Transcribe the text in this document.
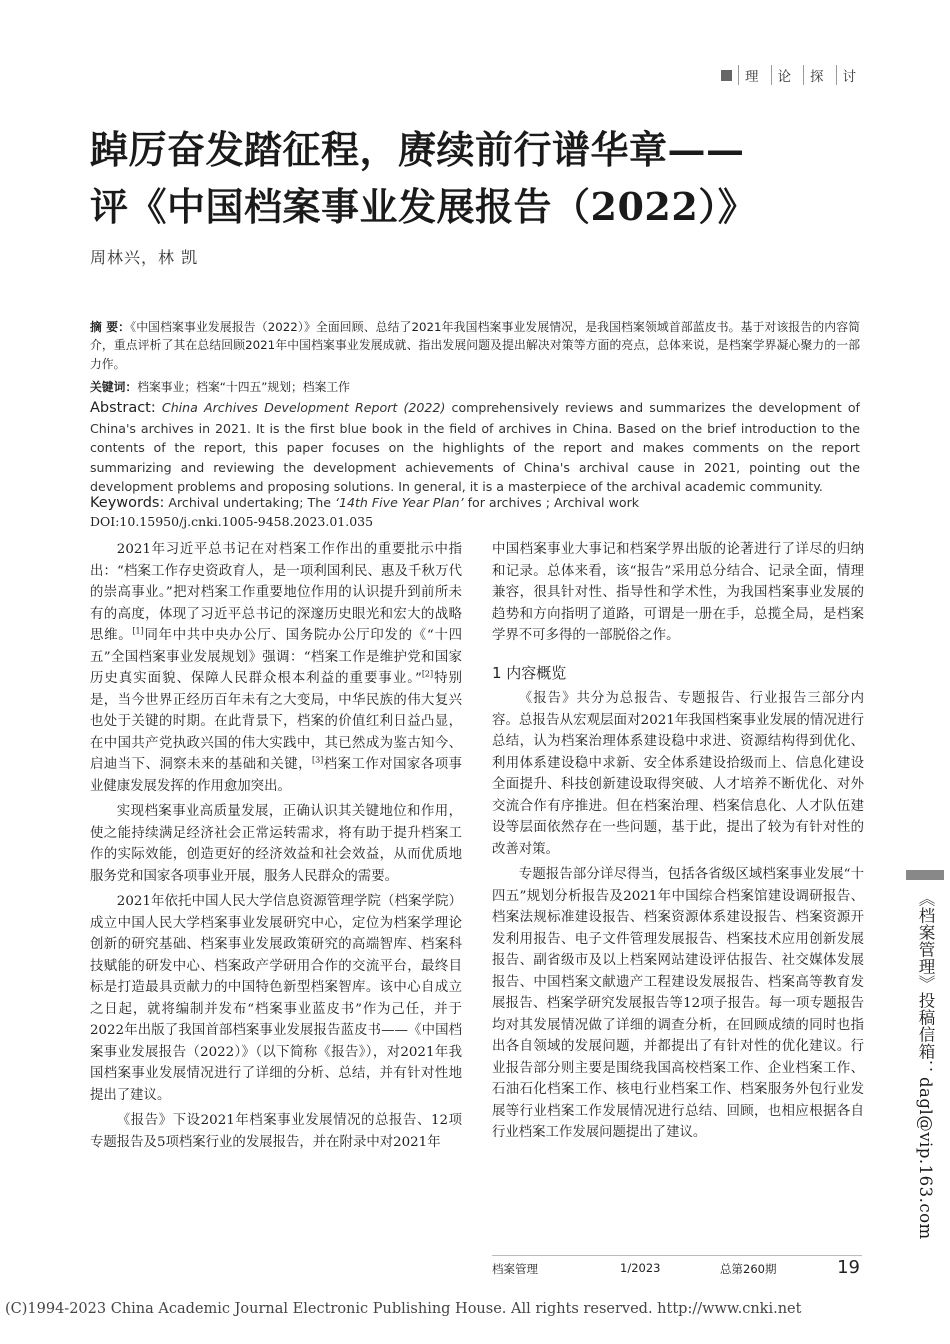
理	论	探	讨
踔厉奋发踏征程，赓续前行谱华章——
评《中国档案事业发展报告（2022）》
周林兴，林 凯
摘 要：《中国档案事业发展报告（2022）》全面回顾、总结了2021年我国档案事业发展情况，是我国档案领域首部蓝皮书。基于对该报告的内容简介，重点评析了其在总结回顾2021年中国档案事业发展成就、指出发展问题及提出解决对策等方面的亮点，总体来说，是档案学界凝心聚力的一部力作。
关键词：档案事业；档案“十四五”规划；档案工作
Abstract: China Archives Development Report (2022) comprehensively reviews and summarizes the development of China's archives in 2021. It is the first blue book in the field of archives in China. Based on the brief introduction to the contents of the report, this paper focuses on the highlights of the report and makes comments on the report summarizing and reviewing the development achievements of China's archival cause in 2021, pointing out the development problems and proposing solutions. In general, it is a masterpiece of the archival academic community.
Keywords: Archival undertaking; The ‘14th Five Year Plan’ for archives ; Archival work
DOI:10.15950/j.cnki.1005-9458.2023.01.035

2021年习近平总书记在对档案工作作出的重要批示中指出：“档案工作存史资政育人，是一项利国利民、惠及千秋万代的崇高事业。”把对档案工作重要地位作用的认识提升到前所未有的高度，体现了习近平总书记的深邃历史眼光和宏大的战略思维。[1]同年中共中央办公厅、国务院办公厅印发的《“十四五”全国档案事业发展规划》强调：“档案工作是维护党和国家历史真实面貌、保障人民群众根本利益的重要事业。”[2]特别是，当今世界正经历百年未有之大变局，中华民族的伟大复兴也处于关键的时期。在此背景下，档案的价值红利日益凸显，在中国共产党执政兴国的伟大实践中，其已然成为鉴古知今、启迪当下、洞察未来的基础和关键，[3]档案工作对国家各项事业健康发展发挥的作用愈加突出。

实现档案事业高质量发展，正确认识其关键地位和作用，使之能持续满足经济社会正常运转需求，将有助于提升档案工作的实际效能，创造更好的经济效益和社会效益，从而优质地服务党和国家各项事业开展，服务人民群众的需要。

2021年依托中国人民大学信息资源管理学院（档案学院）成立中国人民大学档案事业发展研究中心，定位为档案学理论创新的研究基础、档案事业发展政策研究的高端智库、档案科技赋能的研发中心、档案政产学研用合作的交流平台，最终目标是打造最具贡献力的中国特色新型档案智库。该中心自成立之日起，就将编制并发布“档案事业蓝皮书”作为己任，并于2022年出版了我国首部档案事业发展报告蓝皮书——《中国档案事业发展报告（2022）》（以下简称《报告》），对2021年我国档案事业发展情况进行了详细的分析、总结，并有针对性地提出了建议。

《报告》下设2021年档案事业发展情况的总报告、12项专题报告及5项档案行业的发展报告，并在附录中对2021年

中国档案事业大事记和档案学界出版的论著进行了详尽的归纳和记录。总体来看，该“报告”采用总分结合、记录全面，情理兼容，很具针对性、指导性和学术性，为我国档案事业发展的趋势和方向指明了道路，可谓是一册在手，总揽全局，是档案学界不可多得的一部脱俗之作。

1 内容概览

《报告》共分为总报告、专题报告、行业报告三部分内容。总报告从宏观层面对2021年我国档案事业发展的情况进行总结，认为档案治理体系建设稳中求进、资源结构得到优化、利用体系建设稳中求新、安全体系建设拾级而上、信息化建设全面提升、科技创新建设取得突破、人才培养不断优化、对外交流合作有序推进。但在档案治理、档案信息化、人才队伍建设等层面依然存在一些问题，基于此，提出了较为有针对性的改善对策。

专题报告部分详尽得当，包括各省级区域档案事业发展“十四五”规划分析报告及2021年中国综合档案馆建设调研报告、档案法规标准建设报告、档案资源体系建设报告、档案资源开发利用报告、电子文件管理发展报告、档案技术应用创新发展报告、副省级市及以上档案网站建设评估报告、社交媒体发展报告、中国档案文献遗产工程建设发展报告、档案高等教育发展报告、档案学研究发展报告等12项子报告。每一项专题报告均对其发展情况做了详细的调查分析，在回顾成绩的同时也指出各自领域的发展问题，并都提出了有针对性的优化建议。行业报告部分则主要是围绕我国高校档案工作、企业档案工作、石油石化档案工作、核电行业档案工作、档案服务外包行业发展等行业档案工作发展情况进行总结、回顾，也相应根据各自行业档案工作发展问题提出了建议。	《档案管理》投稿信箱：dagl@vip.163.com
档案管理	1/2023	总第260期	19
(C)1994-2023 China Academic Journal Electronic Publishing House. All rights reserved. http://www.cnki.net
